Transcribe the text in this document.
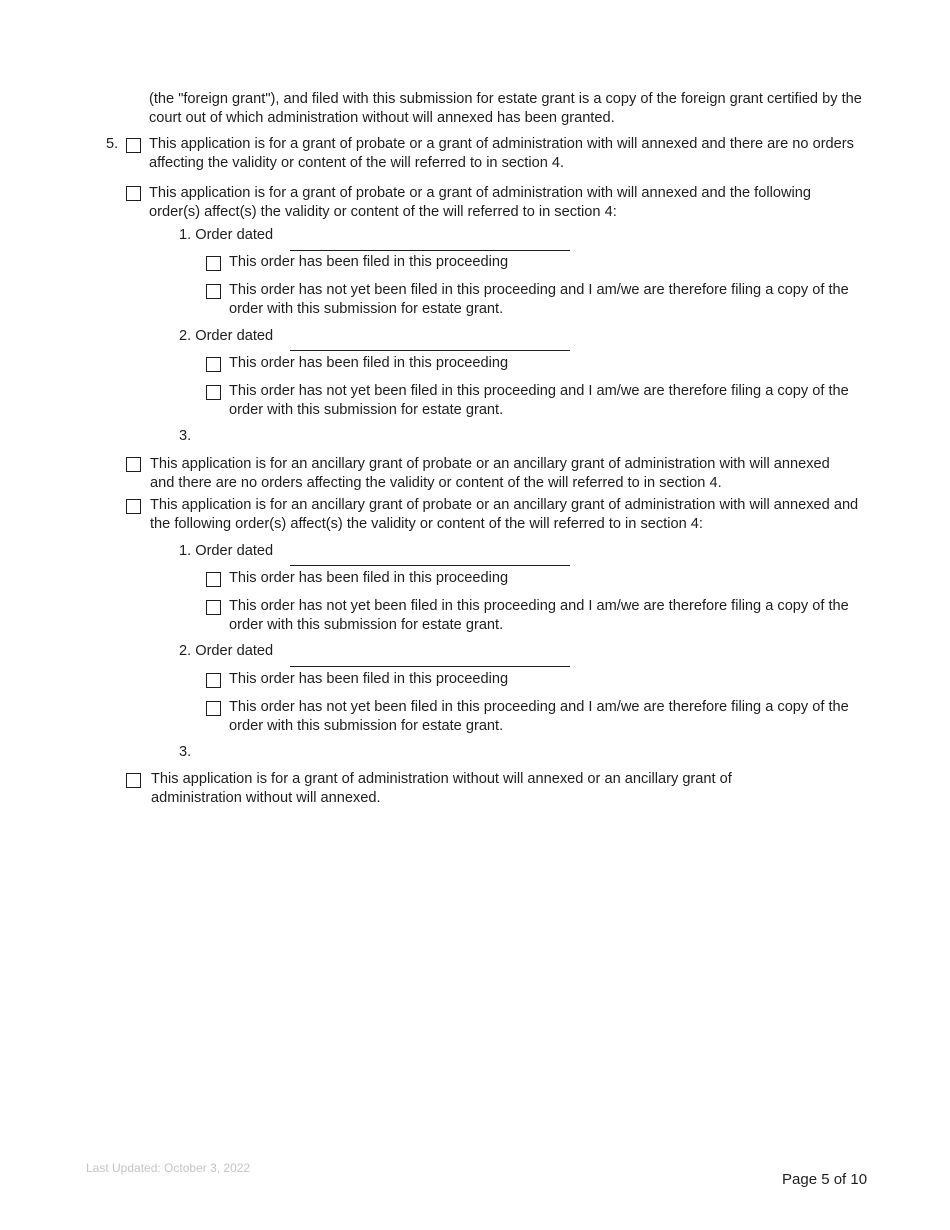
(the "foreign grant"), and filed with this submission for estate grant is a copy of the foreign grant certified by the court out of which administration without will annexed has been granted.

5. This application is for a grant of probate or a grant of administration with will annexed and there are no orders affecting the validity or content of the will referred to in section 4.

This application is for a grant of probate or a grant of administration with will annexed and the following order(s) affect(s) the validity or content of the will referred to in section 4:

1. Order dated

This order has been filed in this proceeding

This order has not yet been filed in this proceeding and I am/we are therefore filing a copy of the order with this submission for estate grant.

2. Order dated

This order has been filed in this proceeding

This order has not yet been filed in this proceeding and I am/we are therefore filing a copy of the order with this submission for estate grant.

3.

This application is for an ancillary grant of probate or an ancillary grant of administration with will annexed and there are no orders affecting the validity or content of the will referred to in section 4.

This application is for an ancillary grant of probate or an ancillary grant of administration with will annexed and the following order(s) affect(s) the validity or content of the will referred to in section 4:

1. Order dated

This order has been filed in this proceeding

This order has not yet been filed in this proceeding and I am/we are therefore filing a copy of the order with this submission for estate grant.

2. Order dated

This order has been filed in this proceeding

This order has not yet been filed in this proceeding and I am/we are therefore filing a copy of the order with this submission for estate grant.

3.

This application is for a grant of administration without will annexed or an ancillary grant of administration without will annexed.

Last Updated: October 3, 2022
Page 5 of 10
